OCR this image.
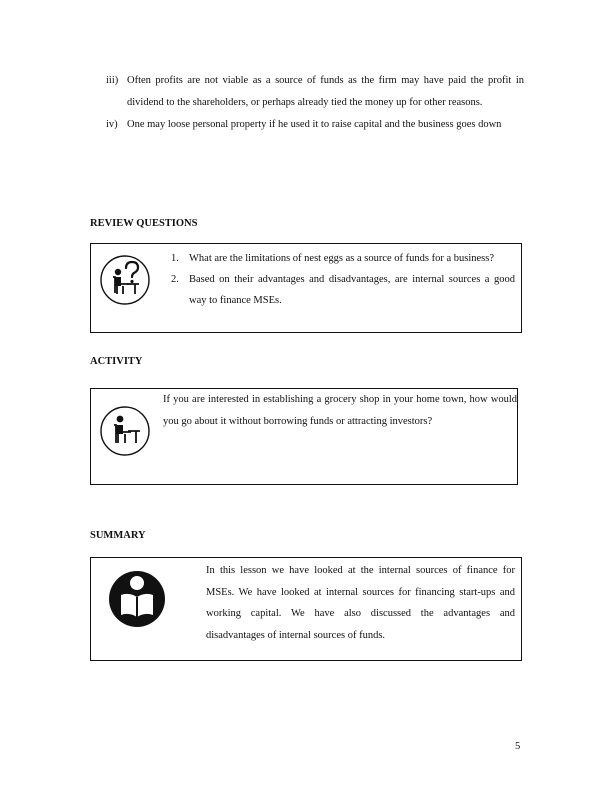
iii) Often profits are not viable as a source of funds as the firm may have paid the profit in dividend to the shareholders, or perhaps already tied the money up for other reasons.
iv) One may loose personal property if he used it to raise capital and the business goes down
REVIEW QUESTIONS
1. What are the limitations of nest eggs as a source of funds for a business?
2. Based on their advantages and disadvantages, are internal sources a good way to finance MSEs.
ACTIVITY
If you are interested in establishing a grocery shop in your home town, how would you go about it without borrowing funds or attracting investors?
SUMMARY
In this lesson we have looked at the internal sources of finance for MSEs. We have looked at internal sources for financing start-ups and working capital. We have also discussed the advantages and disadvantages of internal sources of funds.
5
